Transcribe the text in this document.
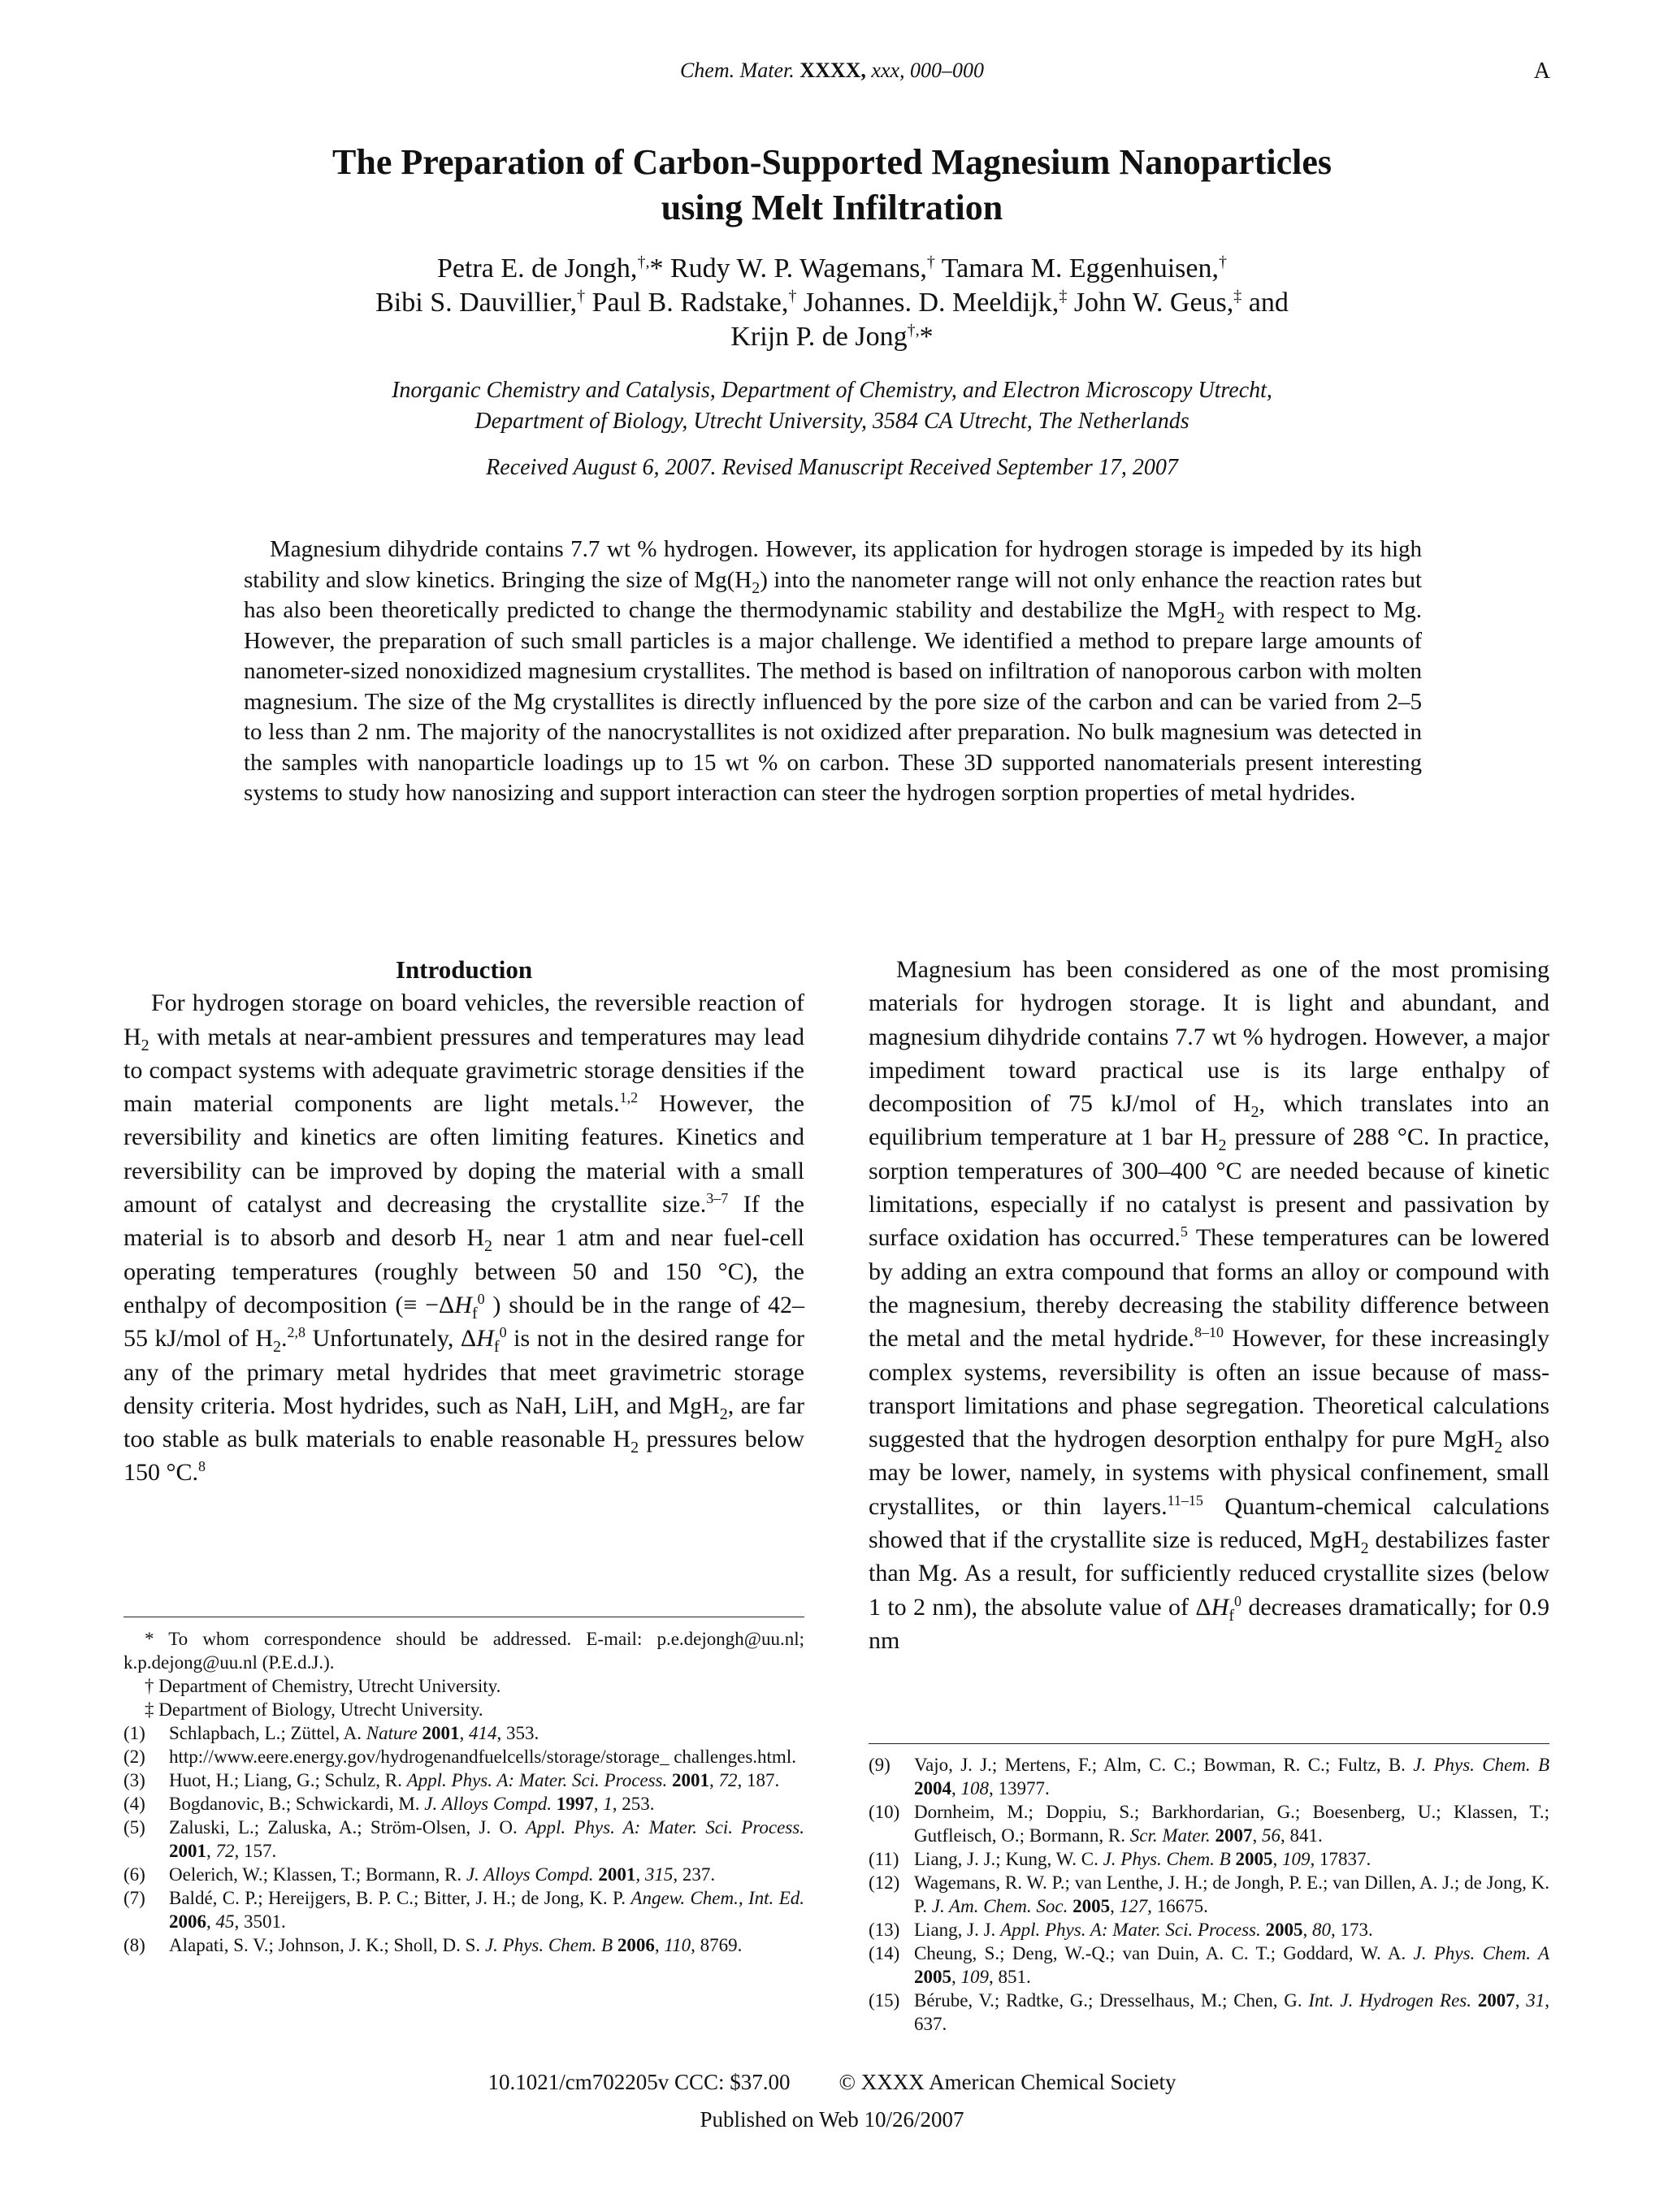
Chem. Mater. XXXX, xxx, 000–000	A
The Preparation of Carbon-Supported Magnesium Nanoparticles
using Melt Infiltration
Petra E. de Jongh,†,* Rudy W. P. Wagemans,† Tamara M. Eggenhuisen,†
Bibi S. Dauvillier,† Paul B. Radstake,† Johannes. D. Meeldijk,‡ John W. Geus,‡ and
Krijn P. de Jong†,*
Inorganic Chemistry and Catalysis, Department of Chemistry, and Electron Microscopy Utrecht,
Department of Biology, Utrecht University, 3584 CA Utrecht, The Netherlands
Received August 6, 2007. Revised Manuscript Received September 17, 2007

Magnesium dihydride contains 7.7 wt % hydrogen. However, its application for hydrogen storage is impeded by its high stability and slow kinetics. Bringing the size of $Mg(H_2)$ into the nanometer range will not only enhance the reaction rates but has also been theoretically predicted to change the thermodynamic stability and destabilize the MgH$_2$ with respect to Mg. However, the preparation of such small particles is a major challenge. We identified a method to prepare large amounts of nanometer-sized nonoxidized magnesium crystallites. The method is based on infiltration of nanoporous carbon with molten magnesium. The size of the Mg crystallites is directly influenced by the pore size of the carbon and can be varied from 2–5 to less than 2 nm. The majority of the nanocrystallites is not oxidized after preparation. No bulk magnesium was detected in the samples with nanoparticle loadings up to 15 wt % on carbon. These 3D supported nanomaterials present interesting systems to study how nanosizing and support interaction can steer the hydrogen sorption properties of metal hydrides.

Introduction

For hydrogen storage on board vehicles, the reversible reaction of $H_2$ with metals at near-ambient pressures and temperatures may lead to compact systems with adequate gravimetric storage densities if the main material components are light metals.$^{1,2}$ However, the reversibility and kinetics are often limiting features. Kinetics and reversibility can be improved by doping the material with a small amount of catalyst and decreasing the crystallite size.$^{3-7}$ If the material is to absorb and desorb $H_2$ near 1 atm and near fuel-cell operating temperatures (roughly between 50 and 150 °C), the enthalpy of decomposition (≡ $-\Delta H_f^0$ ) should be in the range of 42–55 kJ/mol of $H_2.^{2,8}$ Unfortunately, $\Delta H_f^0$ is not in the desired range for any of the primary metal hydrides that meet gravimetric storage density criteria. Most hydrides, such as NaH, LiH, and MgH$_2$, are far too stable as bulk materials to enable reasonable $H_2$ pressures below 150 °C.$^8$

Magnesium has been considered as one of the most promising materials for hydrogen storage. It is light and abundant, and magnesium dihydride contains 7.7 wt % hydrogen. However, a major impediment toward practical use is its large enthalpy of decomposition of 75 kJ/mol of $H_2$, which translates into an equilibrium temperature at 1 bar $H_2$ pressure of 288 °C. In practice, sorption temperatures of 300–400 °C are needed because of kinetic limitations, especially if no catalyst is present and passivation by surface oxidation has occurred.$^5$ These temperatures can be lowered by adding an extra compound that forms an alloy or compound with the magnesium, thereby decreasing the stability difference between the metal and the metal hydride.$^{8-10}$ However, for these increasingly complex systems, reversibility is often an issue because of mass-transport limitations and phase segregation. Theoretical calculations suggested that the hydrogen desorption enthalpy for pure MgH$_2$ also may be lower, namely, in systems with physical confinement, small crystallites, or thin layers.$^{11-15}$ Quantum-chemical calculations showed that if the crystallite size is reduced, MgH$_2$ destabilizes faster than Mg. As a result, for sufficiently reduced crystallite sizes (below 1 to 2 nm), the absolute value of $\Delta H_f^0$ decreases dramatically; for 0.9 nm

* To whom correspondence should be addressed. E-mail: p.e.dejongh@uu.nl; k.p.dejong@uu.nl (P.E.d.J.).

† Department of Chemistry, Utrecht University.

‡ Department of Biology, Utrecht University.

(1) Schlapbach, L.; Züttel, A. Nature 2001, 414, 353.

(2) http://www.eere.energy.gov/hydrogenandfuelcells/storage/storage_ challenges.html.

(3) Huot, H.; Liang, G.; Schulz, R. Appl. Phys. A: Mater. Sci. Process. 2001, 72, 187.

(4) Bogdanovic, B.; Schwickardi, M. J. Alloys Compd. 1997, 1, 253.

(5) Zaluski, L.; Zaluska, A.; Ström-Olsen, J. O. Appl. Phys. A: Mater. Sci. Process. 2001, 72, 157.

(6) Oelerich, W.; Klassen, T.; Bormann, R. J. Alloys Compd. 2001, 315, 237.

(7) Baldé, C. P.; Hereijgers, B. P. C.; Bitter, J. H.; de Jong, K. P. Angew. Chem., Int. Ed. 2006, 45, 3501.

(8) Alapati, S. V.; Johnson, J. K.; Sholl, D. S. J. Phys. Chem. B 2006, 110, 8769.

(9) Vajo, J. J.; Mertens, F.; Alm, C. C.; Bowman, R. C.; Fultz, B. J. Phys. Chem. B 2004, 108, 13977.

(10) Dornheim, M.; Doppiu, S.; Barkhordarian, G.; Boesenberg, U.; Klassen, T.; Gutfleisch, O.; Bormann, R. Scr. Mater. 2007, 56, 841.

(11) Liang, J. J.; Kung, W. C. J. Phys. Chem. B 2005, 109, 17837.

(12) Wagemans, R. W. P.; van Lenthe, J. H.; de Jongh, P. E.; van Dillen, A. J.; de Jong, K. P. J. Am. Chem. Soc. 2005, 127, 16675.

(13) Liang, J. J. Appl. Phys. A: Mater. Sci. Process. 2005, 80, 173.

(14) Cheung, S.; Deng, W.-Q.; van Duin, A. C. T.; Goddard, W. A. J. Phys. Chem. A 2005, 109, 851.

(15) Bérube, V.; Radtke, G.; Dresselhaus, M.; Chen, G. Int. J. Hydrogen Res. 2007, 31, 637.

10.1021/cm702205v CCC: $37.00 © XXXX American Chemical Society
Published on Web 10/26/2007
